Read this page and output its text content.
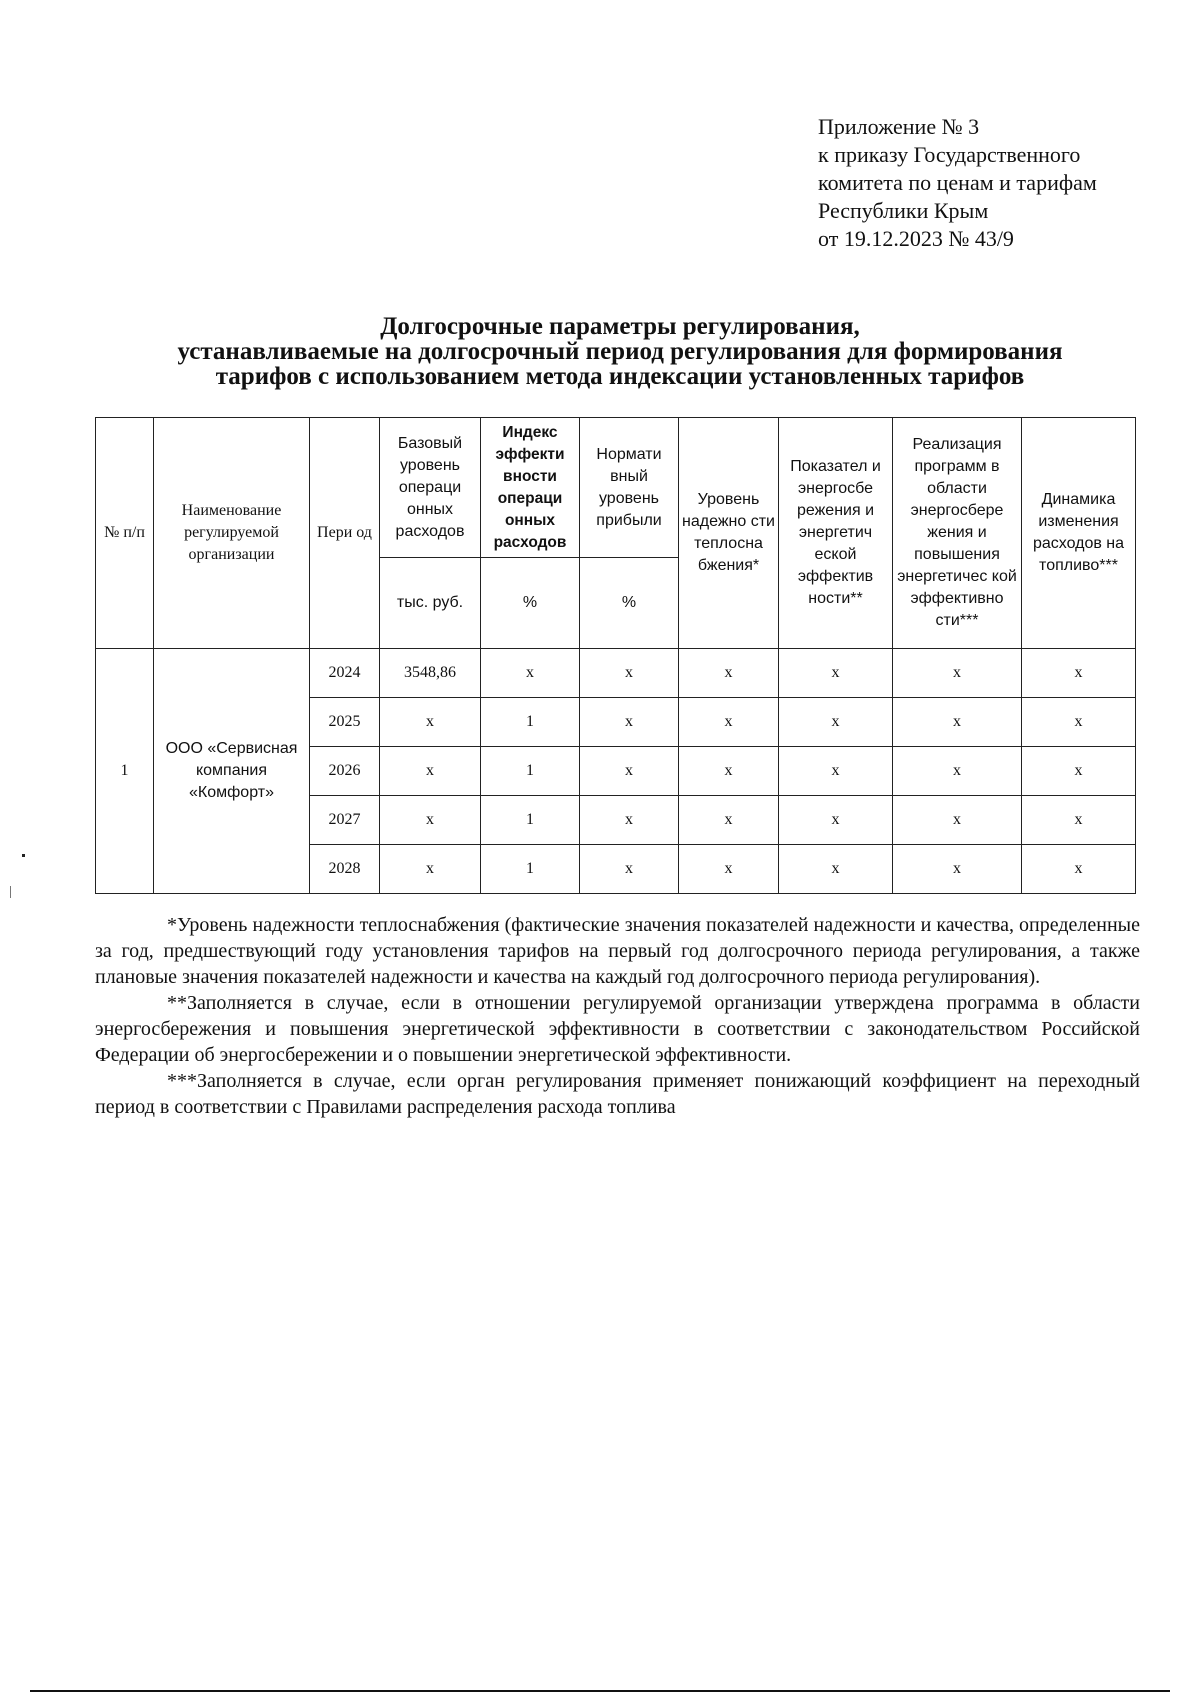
Приложение № 3
к приказу Государственного
комитета по ценам и тарифам
Республики Крым
от 19.12.2023 № 43/9
Долгосрочные параметры регулирования,
устанавливаемые на долгосрочный период регулирования для формирования
тарифов с использованием метода индексации установленных тарифов
№ п/п	Наименование регулируемой организации	Пери од	Базовый уровень операци онных расходов	Индекс эффекти вности операци онных расходов	Нормати вный уровень прибыли	Уровень надежно сти теплосна бжения*	Показател и энергосбе режения и энергетич еской эффектив ности**	Реализация программ в области энергосбере жения и повышения энергетичес кой эффективно сти***	Динамика изменения расходов на топливо***
			тыс. руб.	%	%				
1	ООО «Сервисная компания «Комфорт»	2024	3548,86	x	x	x	x	x	x
		2025	x	1	x	x	x	x	x
		2026	x	1	x	x	x	x	x
		2027	x	1	x	x	x	x	x
		2028	x	1	x	x	x	x	x

*Уровень надежности теплоснабжения (фактические значения показателей надежности и качества, определенные за год, предшествующий году установления тарифов на первый год долгосрочного периода регулирования, а также плановые значения показателей надежности и качества на каждый год долгосрочного периода регулирования).

**Заполняется в случае, если в отношении регулируемой организации утверждена программа в области энергосбережения и повышения энергетической эффективности в соответствии с законодательством Российской Федерации об энергосбережении и о повышении энергетической эффективности.

***Заполняется в случае, если орган регулирования применяет понижающий коэффициент на переходный период в соответствии с Правилами распределения расхода топлива
